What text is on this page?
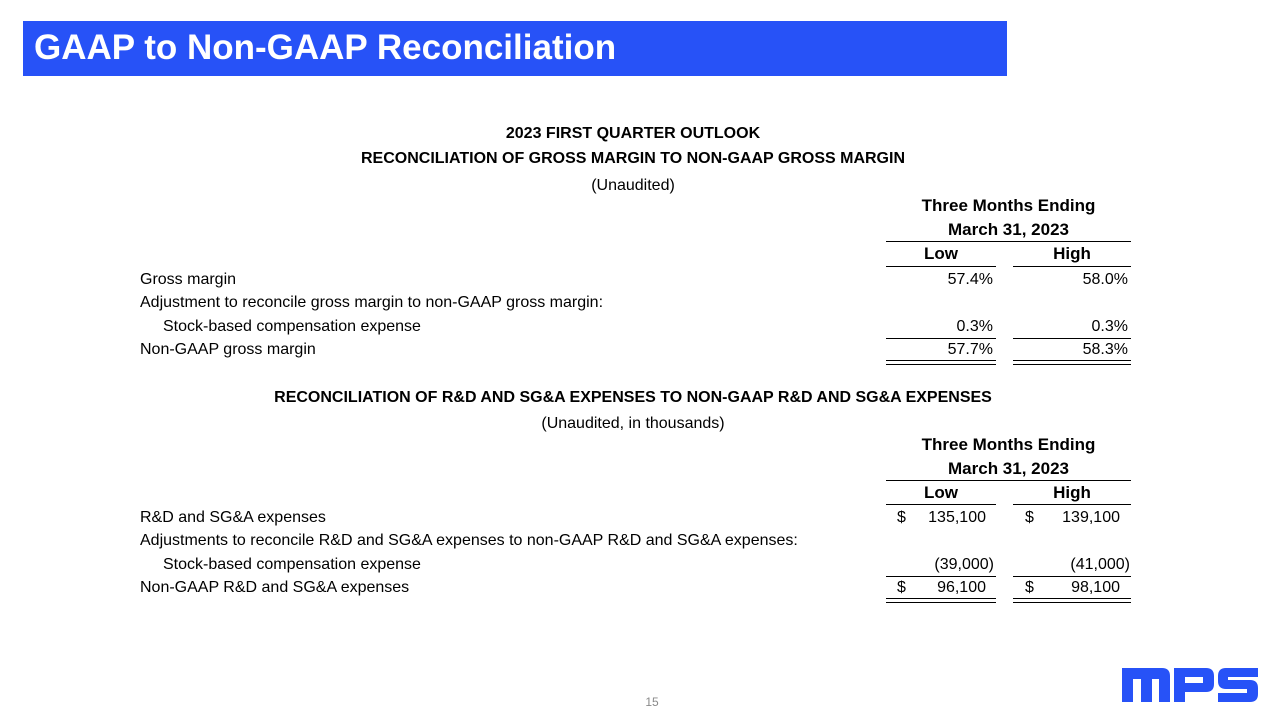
GAAP to Non-GAAP Reconciliation
2023 FIRST QUARTER OUTLOOK
RECONCILIATION OF GROSS MARGIN TO NON-GAAP GROSS MARGIN
(Unaudited)
Three Months Ending
March 31, 2023
Low	High
Gross margin	57.4%	58.0%
Adjustment to reconcile gross margin to non-GAAP gross margin:
Stock-based compensation expense	0.3%	0.3%
Non-GAAP gross margin	57.7%	58.3%
RECONCILIATION OF R&D AND SG&A EXPENSES TO NON-GAAP R&D AND SG&A EXPENSES
(Unaudited, in thousands)
Three Months Ending
March 31, 2023
Low	High
R&D and SG&A expenses	$ 135,100 $ 139,100
Adjustments to reconcile R&D and SG&A expenses to non-GAAP R&D and SG&A expenses:
Stock-based compensation expense	(39,000)	(41,000)
Non-GAAP R&D and SG&A expenses	$ 96,100 $ 98,100
15
